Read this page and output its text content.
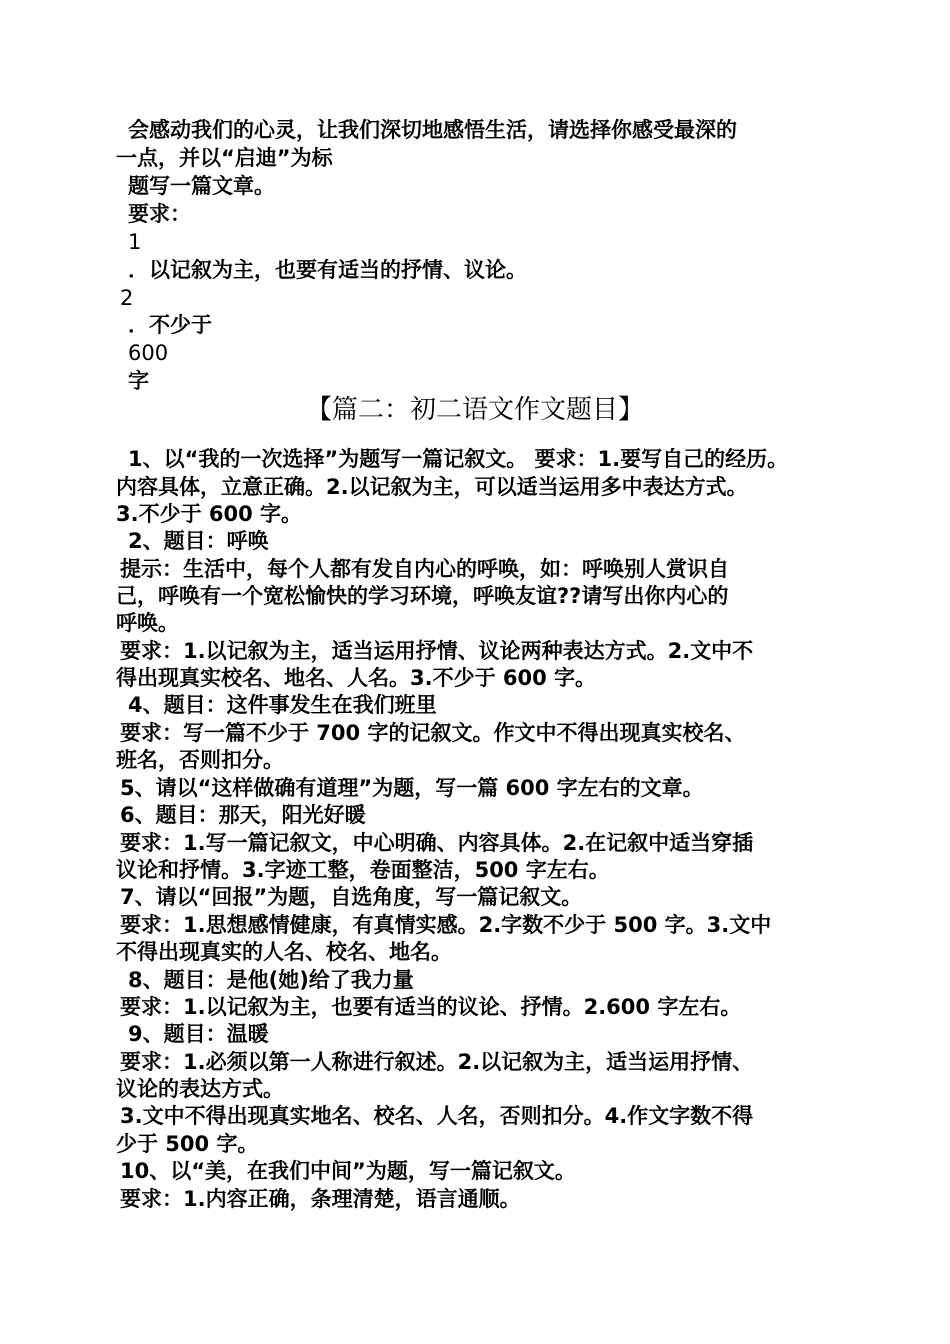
会感动我们的心灵，让我们深切地感悟生活，请选择你感受最深的
一点，并以“启迪”为标
题写一篇文章。
要求：
1
．以记叙为主，也要有适当的抒情、议论。
2
．不少于
600
字
【篇二：初二语文作文题目】
1、以“我的一次选择”为题写一篇记叙文。 要求：1.要写自己的经历。
内容具体，立意正确。2.以记叙为主，可以适当运用多中表达方式。
3.不少于 600 字。
2、题目：呼唤
提示：生活中，每个人都有发自内心的呼唤，如：呼唤别人赏识自
己，呼唤有一个宽松愉快的学习环境，呼唤友谊??请写出你内心的
呼唤。
要求：1.以记叙为主，适当运用抒情、议论两种表达方式。2.文中不
得出现真实校名、地名、人名。3.不少于 600 字。
4、题目：这件事发生在我们班里
要求：写一篇不少于 700 字的记叙文。作文中不得出现真实校名、
班名，否则扣分。
5、请以“这样做确有道理”为题，写一篇 600 字左右的文章。
6、题目：那天，阳光好暖
要求：1.写一篇记叙文，中心明确、内容具体。2.在记叙中适当穿插
议论和抒情。3.字迹工整，卷面整洁，500 字左右。
7、请以“回报”为题，自选角度，写一篇记叙文。
要求：1.思想感情健康，有真情实感。2.字数不少于 500 字。3.文中
不得出现真实的人名、校名、地名。
8、题目：是他(她)给了我力量
要求：1.以记叙为主，也要有适当的议论、抒情。2.600 字左右。
9、题目：温暖
要求：1.必须以第一人称进行叙述。2.以记叙为主，适当运用抒情、
议论的表达方式。
3.文中不得出现真实地名、校名、人名，否则扣分。4.作文字数不得
少于 500 字。
10、以“美，在我们中间”为题，写一篇记叙文。
要求：1.内容正确，条理清楚，语言通顺。
